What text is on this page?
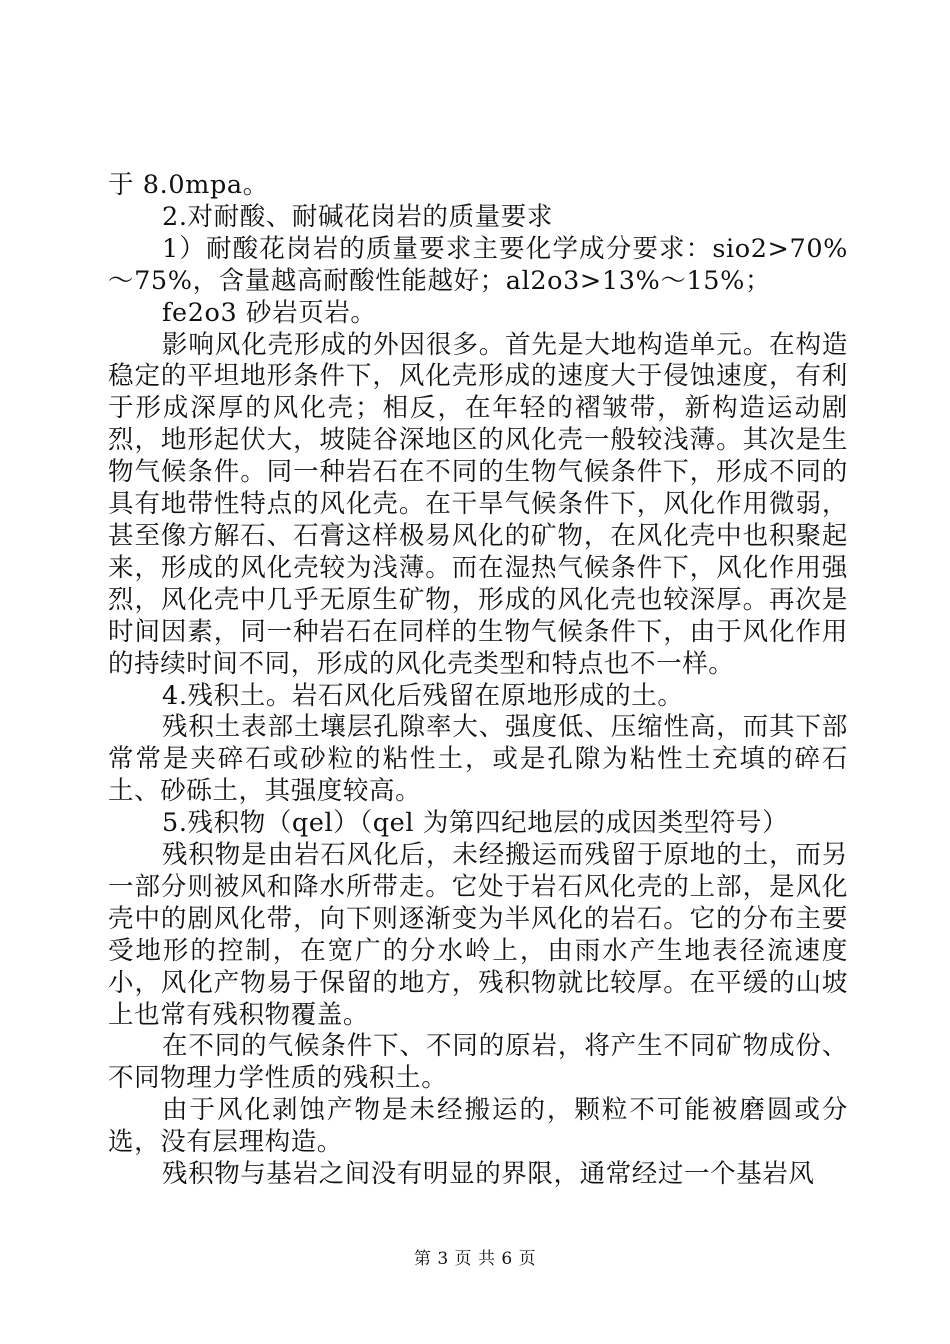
于 8.0mpa。

2.对耐酸、耐碱花岗岩的质量要求

1）耐酸花岗岩的质量要求主要化学成分要求：sio2>70%～75%，含量越高耐酸性能越好；al2o3>13%～15%；

fe2o3 砂岩页岩。

影响风化壳形成的外因很多。首先是大地构造单元。在构造稳定的平坦地形条件下，风化壳形成的速度大于侵蚀速度，有利于形成深厚的风化壳；相反，在年轻的褶皱带，新构造运动剧烈，地形起伏大，坡陡谷深地区的风化壳一般较浅薄。其次是生物气候条件。同一种岩石在不同的生物气候条件下，形成不同的具有地带性特点的风化壳。在干旱气候条件下，风化作用微弱，甚至像方解石、石膏这样极易风化的矿物，在风化壳中也积聚起来，形成的风化壳较为浅薄。而在湿热气候条件下，风化作用强烈，风化壳中几乎无原生矿物，形成的风化壳也较深厚。再次是时间因素，同一种岩石在同样的生物气候条件下，由于风化作用的持续时间不同，形成的风化壳类型和特点也不一样。

4.残积土。岩石风化后残留在原地形成的土。

残积土表部土壤层孔隙率大、强度低、压缩性高，而其下部常常是夹碎石或砂粒的粘性土，或是孔隙为粘性土充填的碎石土、砂砾土，其强度较高。

5.残积物（qel）（qel 为第四纪地层的成因类型符号）

残积物是由岩石风化后，未经搬运而残留于原地的土，而另一部分则被风和降水所带走。它处于岩石风化壳的上部，是风化壳中的剧风化带，向下则逐渐变为半风化的岩石。它的分布主要受地形的控制，在宽广的分水岭上，由雨水产生地表径流速度小，风化产物易于保留的地方，残积物就比较厚。在平缓的山坡上也常有残积物覆盖。

在不同的气候条件下、不同的原岩，将产生不同矿物成份、不同物理力学性质的残积土。

由于风化剥蚀产物是未经搬运的，颗粒不可能被磨圆或分选，没有层理构造。

残积物与基岩之间没有明显的界限，通常经过一个基岩风

第 3 页 共 6 页
